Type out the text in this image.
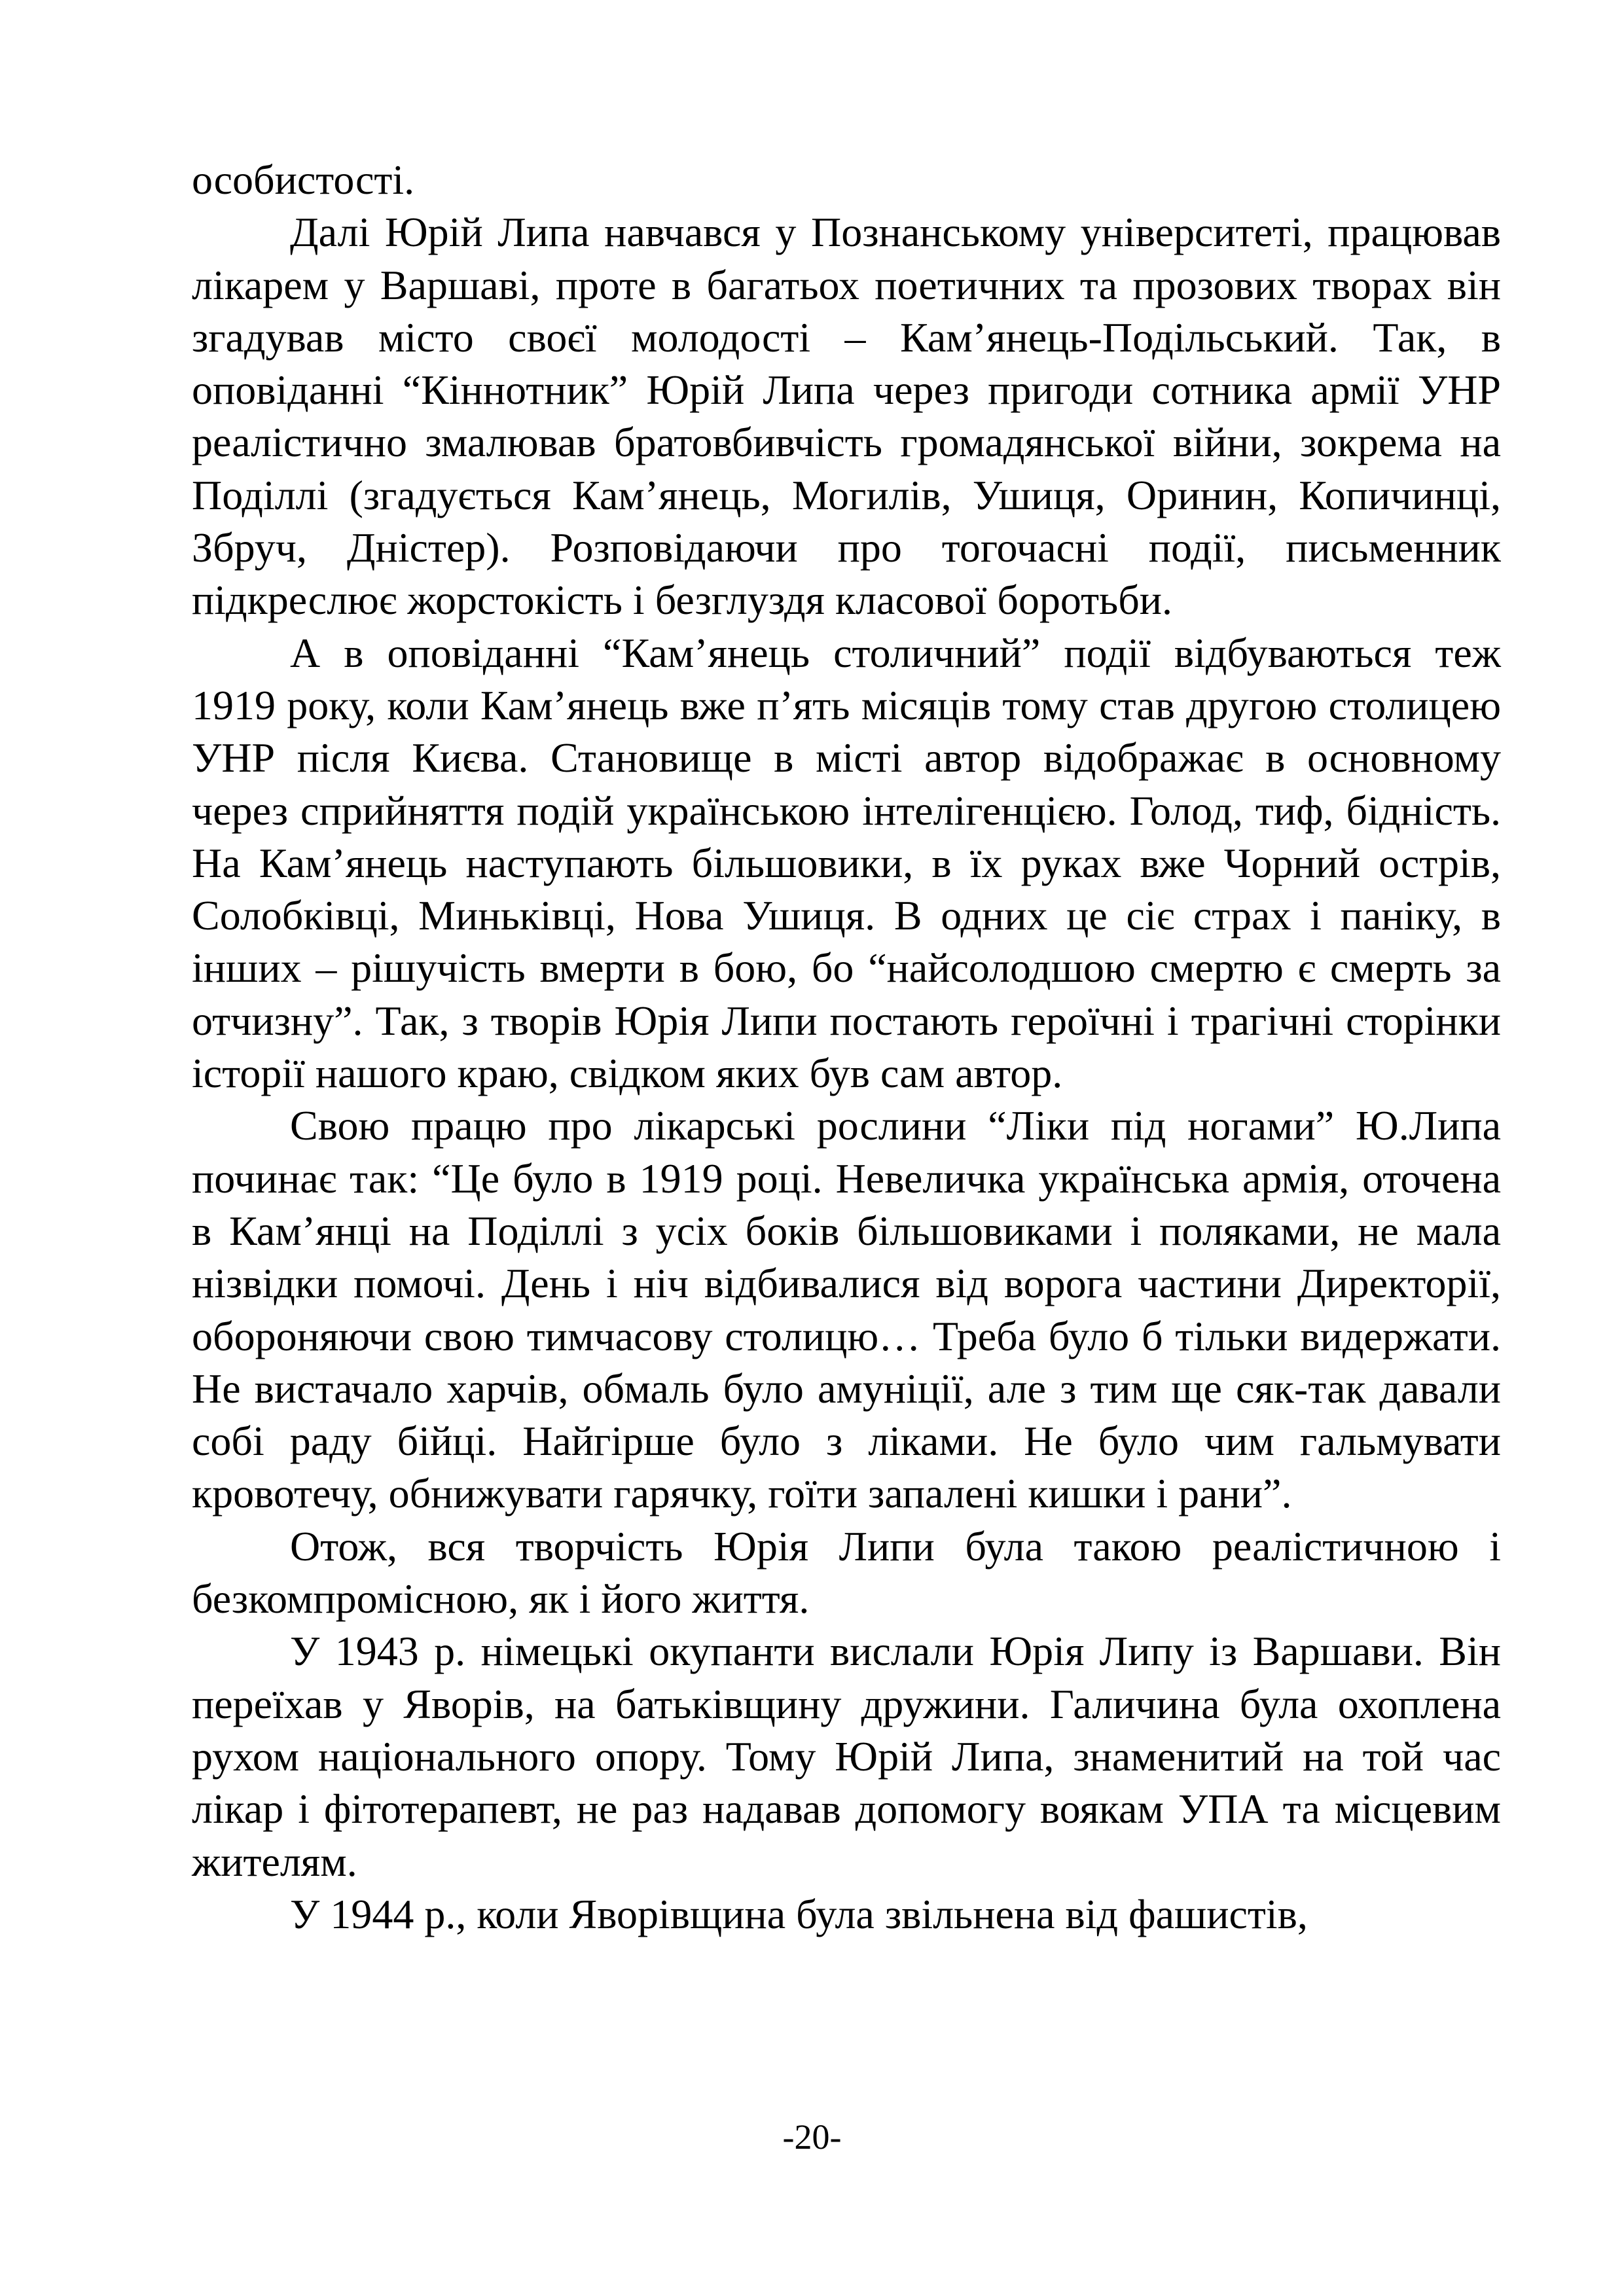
особистості.

Далі Юрій Липа навчався у Познанському університеті, працював лікарем у Варшаві, проте в багатьох поетичних та прозових творах він згадував місто своєї молодості – Кам’янець-Подільський. Так, в оповіданні “Кіннотник” Юрій Липа через пригоди сотника армії УНР реалістично змалював братовбивчість громадянської війни, зокрема на Поділлі (згадується Кам’янець, Могилів, Ушиця, Оринин, Копичинці, Збруч, Дністер). Розповідаючи про тогочасні події, письменник підкреслює жорстокість і безглуздя класової боротьби.

А в оповіданні “Кам’янець столичний” події відбуваються теж 1919 року, коли Кам’янець вже п’ять місяців тому став другою столицею УНР після Києва. Становище в місті автор відображає в основному через сприйняття подій українською інтелігенцією. Голод, тиф, бідність. На Кам’янець наступають більшовики, в їх руках вже Чорний острів, Солобківці, Миньківці, Нова Ушиця. В одних це сіє страх і паніку, в інших – рішучість вмерти в бою, бо “найсолодшою смертю є смерть за отчизну”. Так, з творів Юрія Липи постають героїчні і трагічні сторінки історії нашого краю, свідком яких був сам автор.

Свою працю про лікарські рослини “Ліки під ногами” Ю.Липа починає так: “Це було в 1919 році. Невеличка українська армія, оточена в Кам’янці на Поділлі з усіх боків більшовиками і поляками, не мала нізвідки помочі. День і ніч відбивалися від ворога частини Директорії, обороняючи свою тимчасову столицю… Треба було б тільки видержати. Не вистачало харчів, обмаль було амуніції, але з тим ще сяк-так давали собі раду бійці. Найгірше було з ліками. Не було чим гальмувати кровотечу, обнижувати гарячку, гоїти запалені кишки і рани”.

Отож, вся творчість Юрія Липи була такою реалістичною і безкомпромісною, як і його життя.

У 1943 р. німецькі окупанти вислали Юрія Липу із Варшави. Він переїхав у Яворів, на батьківщину дружини. Галичина була охоплена рухом національного опору. Тому Юрій Липа, знаменитий на той час лікар і фітотерапевт, не раз надавав допомогу воякам УПА та місцевим жителям.

У 1944 р., коли Яворівщина була звільнена від фашистів,

-20-
